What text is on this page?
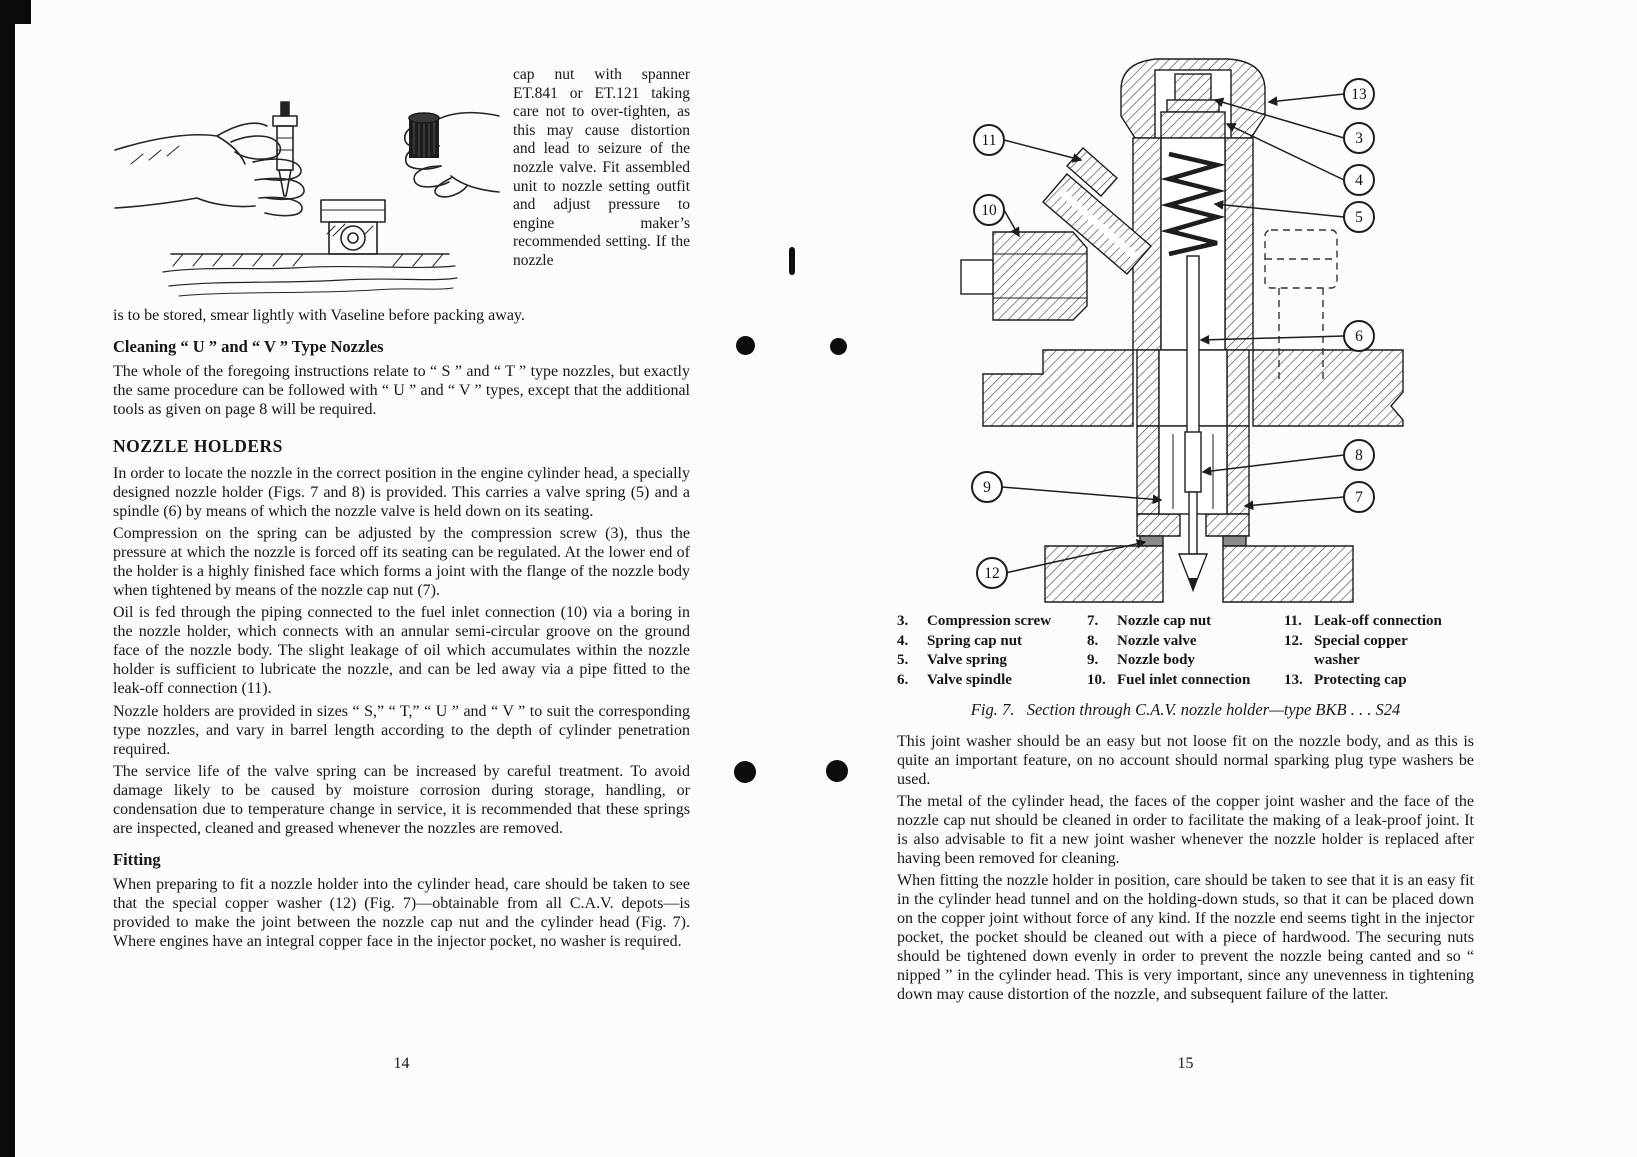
cap nut with spanner ET.841 or ET.121 taking care not to over-tighten, as this may cause distortion and lead to seizure of the nozzle valve. Fit assembled unit to nozzle setting outfit and adjust pressure to engine maker’s recommended setting. If the nozzle

is to be stored, smear lightly with Vaseline before packing away.

Cleaning “ U ” and “ V ” Type Nozzles

The whole of the foregoing instructions relate to “ S ” and “ T ” type nozzles, but exactly the same procedure can be followed with “ U ” and “ V ” types, except that the additional tools as given on page 8 will be required.

NOZZLE HOLDERS

In order to locate the nozzle in the correct position in the engine cylinder head, a specially designed nozzle holder (Figs. 7 and 8) is provided. This carries a valve spring (5) and a spindle (6) by means of which the nozzle valve is held down on its seating.

Compression on the spring can be adjusted by the compression screw (3), thus the pressure at which the nozzle is forced off its seating can be regulated. At the lower end of the holder is a highly finished face which forms a joint with the flange of the nozzle body when tightened by means of the nozzle cap nut (7).

Oil is fed through the piping connected to the fuel inlet connection (10) via a boring in the nozzle holder, which connects with an annular semi-circular groove on the ground face of the nozzle body. The slight leakage of oil which accumulates within the nozzle holder is sufficient to lubricate the nozzle, and can be led away via a pipe fitted to the leak-off connection (11).

Nozzle holders are provided in sizes “ S,” “ T,” “ U ” and “ V ” to suit the corresponding type nozzles, and vary in barrel length according to the depth of cylinder penetration required.

The service life of the valve spring can be increased by careful treatment. To avoid damage likely to be caused by moisture corrosion during storage, handling, or condensation due to temperature change in service, it is recommended that these springs are inspected, cleaned and greased whenever the nozzles are removed.

Fitting

When preparing to fit a nozzle holder into the cylinder head, care should be taken to see that the special copper washer (12) (Fig. 7)—obtainable from all C.A.V. depots—is provided to make the joint between the nozzle cap nut and the cylinder head (Fig. 7). Where engines have an integral copper face in the injector pocket, no washer is required.

14
13
3
4
5
6
8
7
11
10
9
12
3.	Compression screw
4.	Spring cap nut
5.	Valve spring
6.	Valve spindle
7.	Nozzle cap nut
8.	Nozzle valve
9.	Nozzle body
10. Fuel inlet connection
11. Leak-off connection
12. Special copper washer
13. Protecting cap
Fig. 7.   Section through C.A.V. nozzle holder—type BKB . . . S24

This joint washer should be an easy but not loose fit on the nozzle body, and as this is quite an important feature, on no account should normal sparking plug type washers be used.

The metal of the cylinder head, the faces of the copper joint washer and the face of the nozzle cap nut should be cleaned in order to facilitate the making of a leak-proof joint. It is also advisable to fit a new joint washer whenever the nozzle holder is replaced after having been removed for cleaning.

When fitting the nozzle holder in position, care should be taken to see that it is an easy fit in the cylinder head tunnel and on the holding-down studs, so that it can be placed down on the copper joint without force of any kind. If the nozzle end seems tight in the injector pocket, the pocket should be cleaned out with a piece of hardwood. The securing nuts should be tightened down evenly in order to prevent the nozzle being canted and so “ nipped ” in the cylinder head. This is very important, since any unevenness in tightening down may cause distortion of the nozzle, and subsequent failure of the latter.

15
